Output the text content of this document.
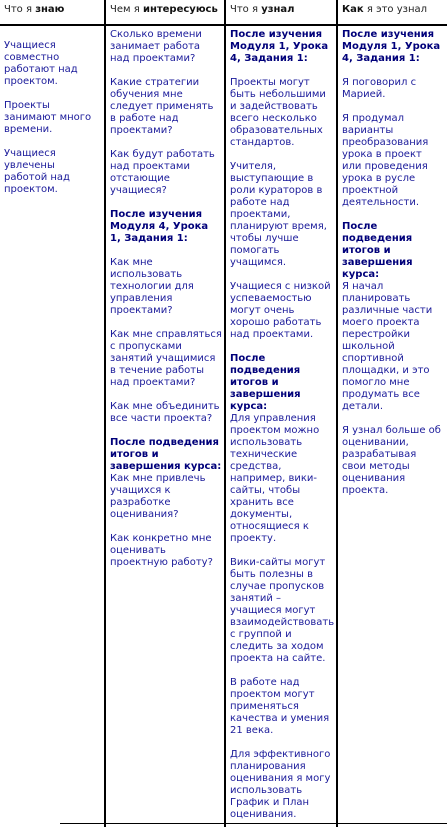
Что я знаю	Чем я интересуюсь Что я узнал	Как я это узнал

Учащиеся совместно работают над проектом.

Проекты занимают много времени.

Учащиеся увлечены работой над проектом.

Сколько времени занимает работа над проектами?

Какие стратегии обучения мне следует применять в работе над проектами?

Как будут работать над проектами отстающие учащиеся?

После изучения Модуля 4, Урока 1, Задания 1:

Как мне использовать технологии для управления проектами?

Как мне справляться с пропусками занятий учащимися в течение работы над проектами?

Как мне объединить все части проекта?

После подведения итогов и завершения курса:

Как мне привлечь учащихся к разработке оценивания?

Как конкретно мне оценивать проектную работу?

После изучения Модуля 1, Урока 4, Задания 1:

Проекты могут быть небольшими и задействовать всего несколько образовательных стандартов.

Учителя, выступающие в роли кураторов в работе над проектами, планируют время, чтобы лучше помогать учащимся.

Учащиеся с низкой успеваемостью могут очень хорошо работать над проектами.

После подведения итогов и завершения курса:

Для управления проектом можно использовать технические средства, например, вики-сайты, чтобы хранить все документы, относящиеся к проекту.

Вики-сайты могут быть полезны в случае пропусков занятий – учащиеся могут взаимодействовать с группой и следить за ходом проекта на сайте.

В работе над проектом могут применяться качества и умения 21 века.

Для эффективного планирования оценивания я могу использовать График и План оценивания.

После изучения Модуля 1, Урока 4, Задания 1:

Я поговорил с Марией.

Я продумал варианты преобразования урока в проект или проведения урока в русле проектной деятельности.

После подведения итогов и завершения курса:

Я начал планировать различные части моего проекта перестройки школьной спортивной площадки, и это помогло мне продумать все детали.

Я узнал больше об оценивании, разрабатывая свои методы оценивания проекта.
